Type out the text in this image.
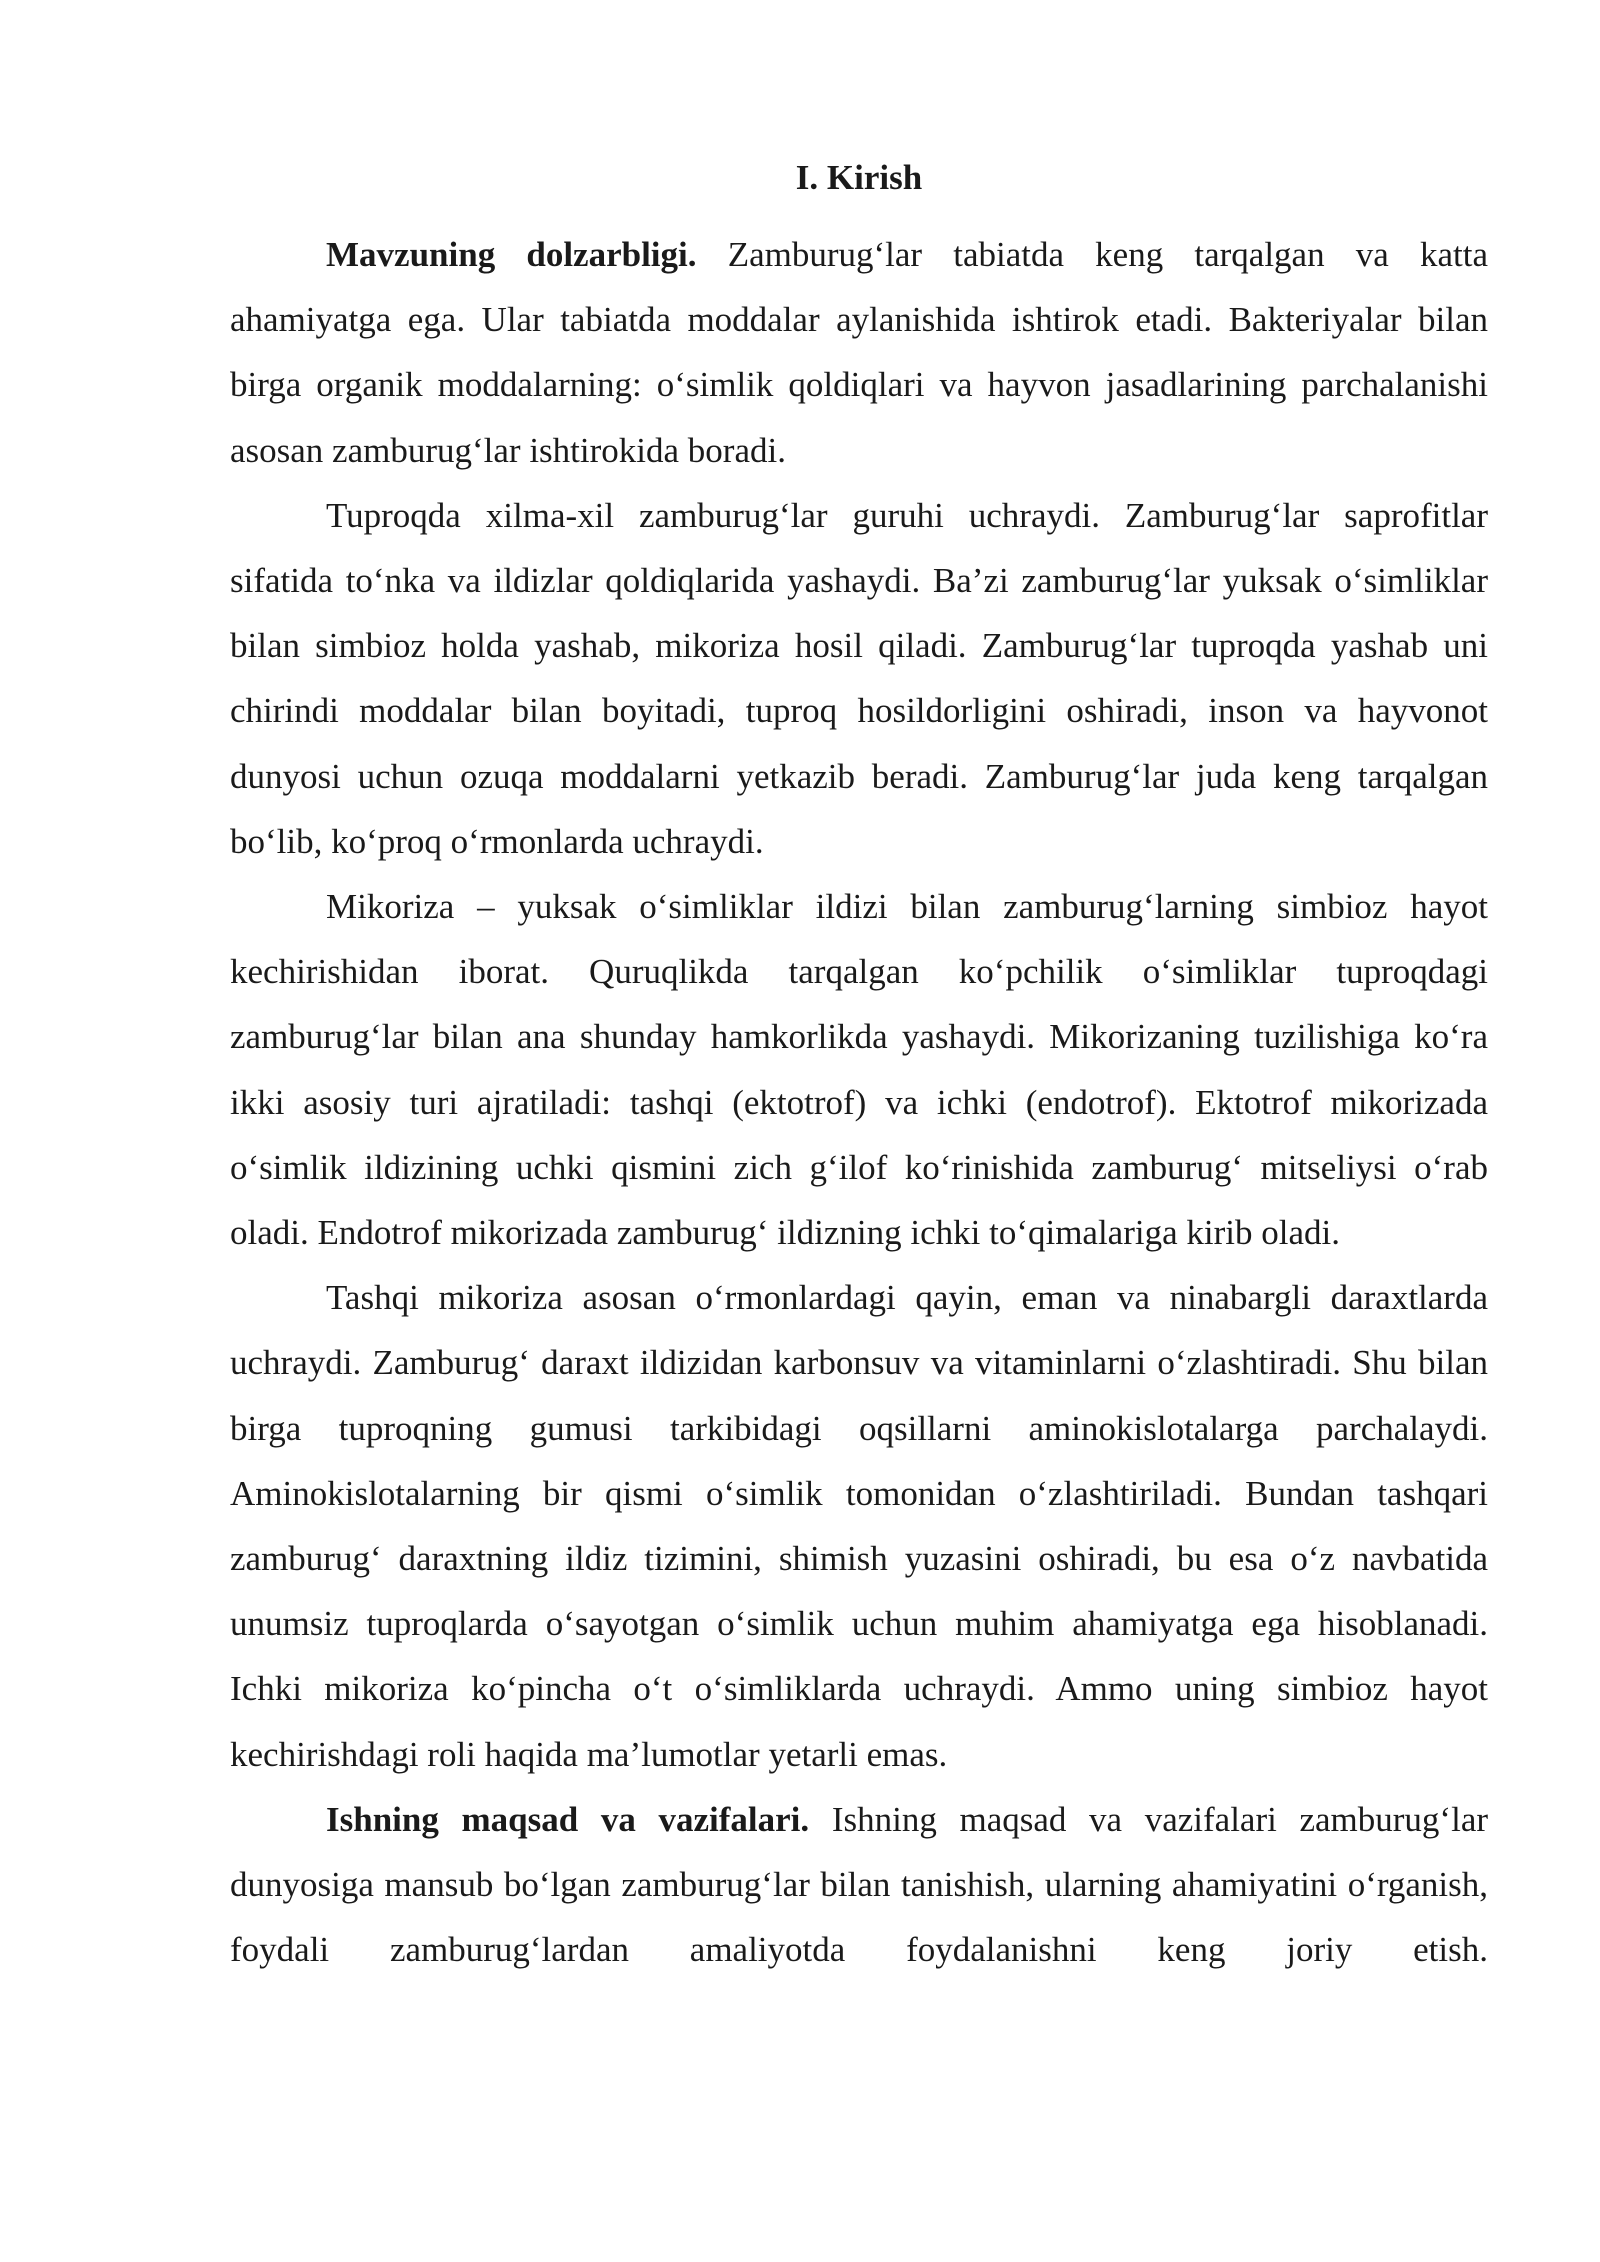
I. Kirish

Mavzuning dolzarbligi. Zamburug‘lar tabiatda keng tarqalgan va katta ahamiyatga ega. Ular tabiatda moddalar aylanishida ishtirok etadi. Bakteriyalar bilan birga organik moddalarning: o‘simlik qoldiqlari va hayvon jasadlarining parchalanishi asosan zamburug‘lar ishtirokida boradi.

Tuproqda xilma-xil zamburug‘lar guruhi uchraydi. Zamburug‘lar saprofitlar sifatida to‘nka va ildizlar qoldiqlarida yashaydi. Ba’zi zamburug‘lar yuksak o‘simliklar bilan simbioz holda yashab, mikoriza hosil qiladi. Zamburug‘lar tuproqda yashab uni chirindi moddalar bilan boyitadi, tuproq hosildorligini oshiradi, inson va hayvonot dunyosi uchun ozuqa moddalarni yetkazib beradi. Zamburug‘lar juda keng tarqalgan bo‘lib, ko‘proq o‘rmonlarda uchraydi.

Mikoriza – yuksak o‘simliklar ildizi bilan zamburug‘larning simbioz hayot kechirishidan iborat. Quruqlikda tarqalgan ko‘pchilik o‘simliklar tuproqdagi zamburug‘lar bilan ana shunday hamkorlikda yashaydi. Mikorizaning tuzilishiga ko‘ra ikki asosiy turi ajratiladi: tashqi (ektotrof) va ichki (endotrof). Ektotrof mikorizada o‘simlik ildizining uchki qismini zich g‘ilof ko‘rinishida zamburug‘ mitseliysi o‘rab oladi. Endotrof mikorizada zamburug‘ ildizning ichki to‘qimalariga kirib oladi.

Tashqi mikoriza asosan o‘rmonlardagi qayin, eman va ninabargli daraxtlarda uchraydi. Zamburug‘ daraxt ildizidan karbonsuv va vitaminlarni o‘zlashtiradi. Shu bilan birga tuproqning gumusi tarkibidagi oqsillarni aminokislotalarga parchalaydi. Aminokislotalarning bir qismi o‘simlik tomonidan o‘zlashtiriladi. Bundan tashqari zamburug‘ daraxtning ildiz tizimini, shimish yuzasini oshiradi, bu esa o‘z navbatida unumsiz tuproqlarda o‘sayotgan o‘simlik uchun muhim ahamiyatga ega hisoblanadi. Ichki mikoriza ko‘pincha o‘t o‘simliklarda uchraydi. Ammo uning simbioz hayot kechirishdagi roli haqida ma’lumotlar yetarli emas.

Ishning maqsad va vazifalari. Ishning maqsad va vazifalari zamburug‘lar dunyosiga mansub bo‘lgan zamburug‘lar bilan tanishish, ularning ahamiyatini o‘rganish, foydali zamburug‘lardan amaliyotda foydalanishni keng joriy etish.
